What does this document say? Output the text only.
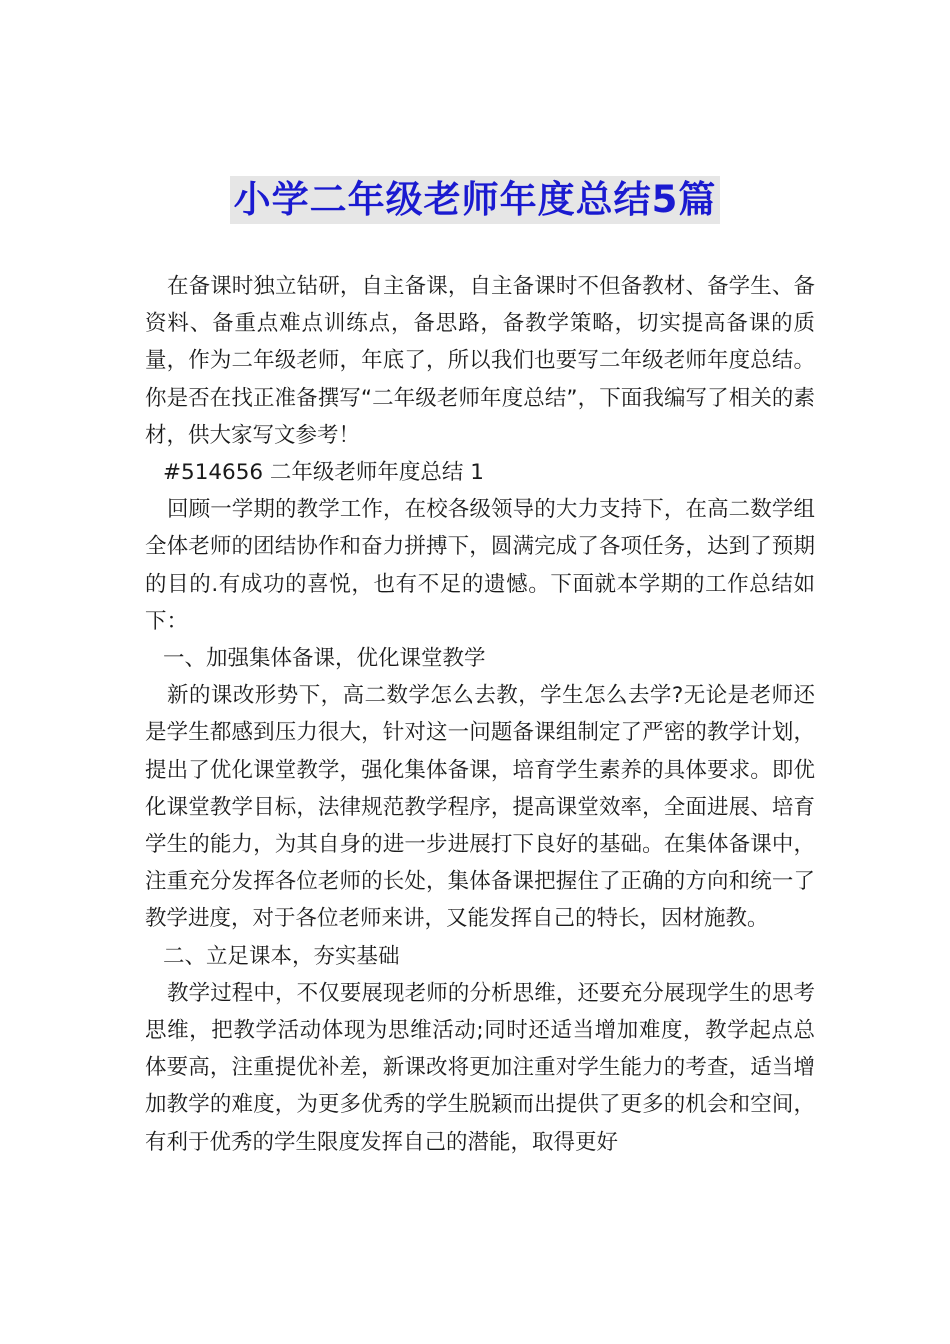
小学二年级老师年度总结5篇

在备课时独立钻研，自主备课，自主备课时不但备教材、备学生、备资料、备重点难点训练点，备思路，备教学策略，切实提高备课的质量，作为二年级老师，年底了，所以我们也要写二年级老师年度总结。你是否在找正准备撰写“二年级老师年度总结”，下面我编写了相关的素材，供大家写文参考！

#514656 二年级老师年度总结 1

回顾一学期的教学工作，在校各级领导的大力支持下，在高二数学组全体老师的团结协作和奋力拼搏下，圆满完成了各项任务，达到了预期的目的.有成功的喜悦，也有不足的遗憾。下面就本学期的工作总结如下：

一、加强集体备课，优化课堂教学

新的课改形势下，高二数学怎么去教，学生怎么去学?无论是老师还是学生都感到压力很大，针对这一问题备课组制定了严密的教学计划，提出了优化课堂教学，强化集体备课，培育学生素养的具体要求。即优化课堂教学目标，法律规范教学程序，提高课堂效率，全面进展、培育学生的能力，为其自身的进一步进展打下良好的基础。在集体备课中，注重充分发挥各位老师的长处，集体备课把握住了正确的方向和统一了教学进度，对于各位老师来讲，又能发挥自己的特长，因材施教。

二、立足课本，夯实基础

教学过程中，不仅要展现老师的分析思维，还要充分展现学生的思考思维，把教学活动体现为思维活动;同时还适当增加难度，教学起点总体要高，注重提优补差，新课改将更加注重对学生能力的考查，适当增加教学的难度，为更多优秀的学生脱颖而出提供了更多的机会和空间，有利于优秀的学生限度发挥自己的潜能，取得更好
